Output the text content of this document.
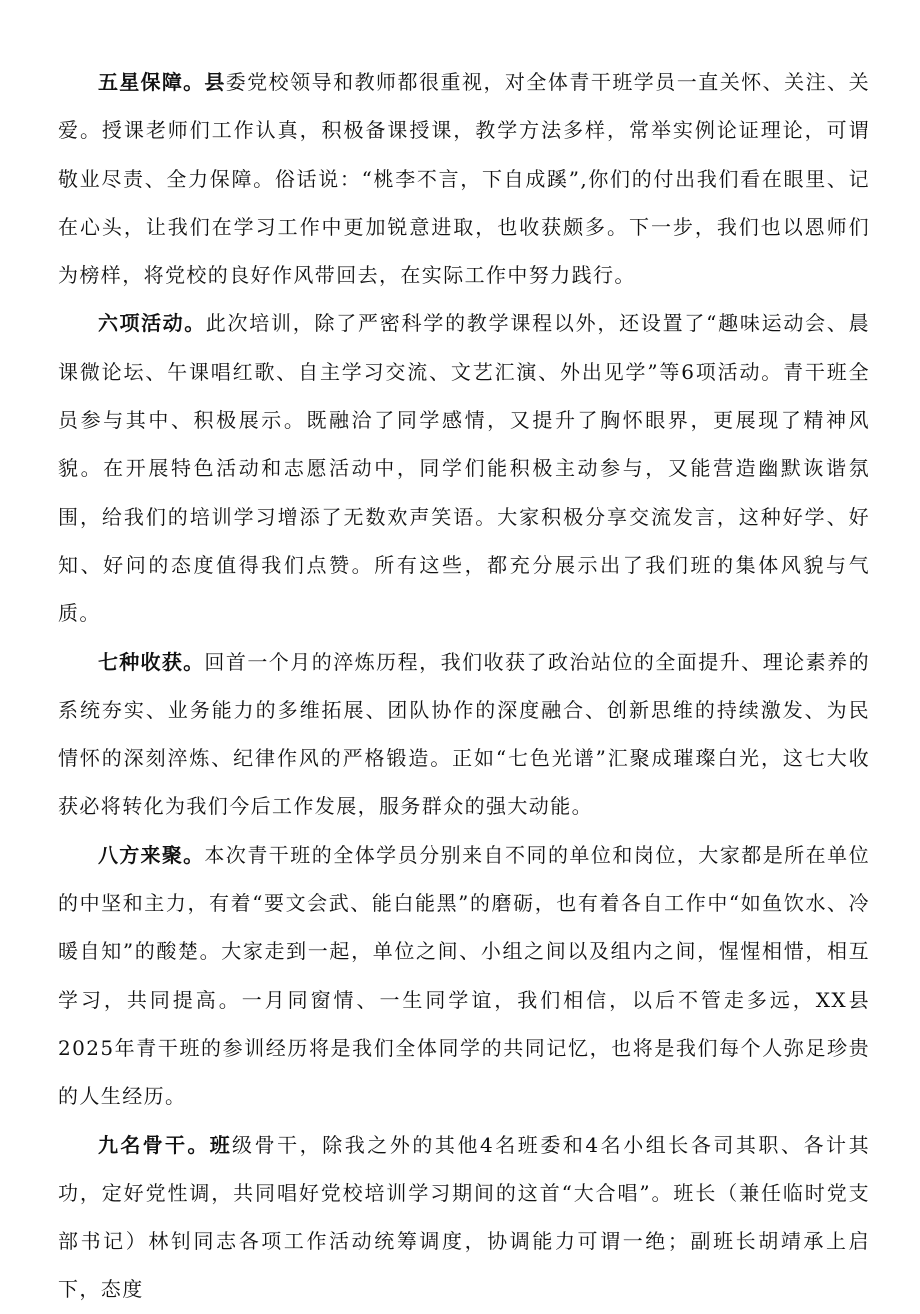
五星保障。县委党校领导和教师都很重视，对全体青干班学员一直关怀、关注、关爱。授课老师们工作认真，积极备课授课，教学方法多样，常举实例论证理论，可谓敬业尽责、全力保障。俗话说：“桃李不言，下自成蹊”,你们的付出我们看在眼里、记在心头，让我们在学习工作中更加锐意进取，也收获颇多。下一步，我们也以恩师们为榜样，将党校的良好作风带回去，在实际工作中努力践行。

六项活动。此次培训，除了严密科学的教学课程以外，还设置了“趣味运动会、晨课微论坛、午课唱红歌、自主学习交流、文艺汇演、外出见学”等6项活动。青干班全员参与其中、积极展示。既融洽了同学感情，又提升了胸怀眼界，更展现了精神风貌。在开展特色活动和志愿活动中，同学们能积极主动参与，又能营造幽默诙谐氛围，给我们的培训学习增添了无数欢声笑语。大家积极分享交流发言，这种好学、好知、好问的态度值得我们点赞。所有这些，都充分展示出了我们班的集体风貌与气质。

七种收获。回首一个月的淬炼历程，我们收获了政治站位的全面提升、理论素养的系统夯实、业务能力的多维拓展、团队协作的深度融合、创新思维的持续激发、为民情怀的深刻淬炼、纪律作风的严格锻造。正如“七色光谱”汇聚成璀璨白光，这七大收获必将转化为我们今后工作发展，服务群众的强大动能。

八方来聚。本次青干班的全体学员分别来自不同的单位和岗位，大家都是所在单位的中坚和主力，有着“要文会武、能白能黑”的磨砺，也有着各自工作中“如鱼饮水、冷暖自知”的酸楚。大家走到一起，单位之间、小组之间以及组内之间，惺惺相惜，相互学习，共同提高。一月同窗情、一生同学谊，我们相信，以后不管走多远，XX县2025年青干班的参训经历将是我们全体同学的共同记忆，也将是我们每个人弥足珍贵的人生经历。

九名骨干。班级骨干，除我之外的其他4名班委和4名小组长各司其职、各计其功，定好党性调，共同唱好党校培训学习期间的这首“大合唱”。班长（兼任临时党支部书记）林钊同志各项工作活动统筹调度，协调能力可谓一绝；副班长胡靖承上启下，态度
